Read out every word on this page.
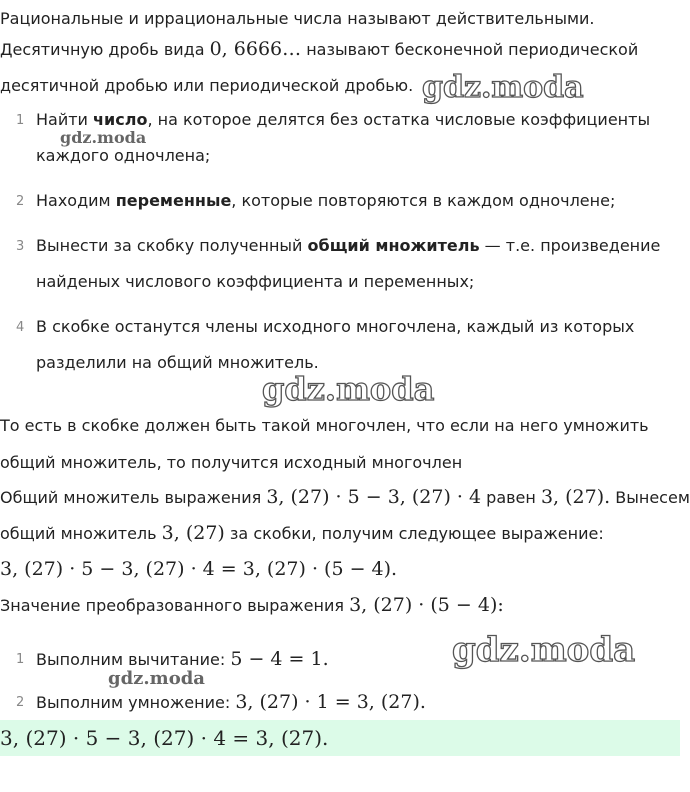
Рациональные и иррациональные числа называют действительными.
Десятичную дробь вида 0, 6666… называют бесконечной периодической
десятичной дробью или периодической дробью.
1 Найти число, на которое делятся без остатка числовые коэффициенты
каждого одночлена;
2 Находим переменные, которые повторяются в каждом одночлене;
3 Вынести за скобку полученный общий множитель — т.е. произведение
найденых числового коэффициента и переменных;
4 В скобке останутся члены исходного многочлена, каждый из которых
разделили на общий множитель.
То есть в скобке должен быть такой многочлен, что если на него умножить
общий множитель, то получится исходный многочлен
Общий множитель выражения 3, (27) · 5 − 3, (27) · 4 равен 3, (27). Вынесем
общий множитель 3, (27) за скобки, получим следующее выражение:
3, (27) · 5 − 3, (27) · 4 = 3, (27) · (5 − 4).
Значение преобразованного выражения 3, (27) · (5 − 4):
1 Выполним вычитание: 5 − 4 = 1.
2 Выполним умножение: 3, (27) · 1 = 3, (27).
3, (27) · 5 − 3, (27) · 4 = 3, (27).
gdz.moda
gdz.moda
gdz.moda
gdz.moda
gdz.moda
